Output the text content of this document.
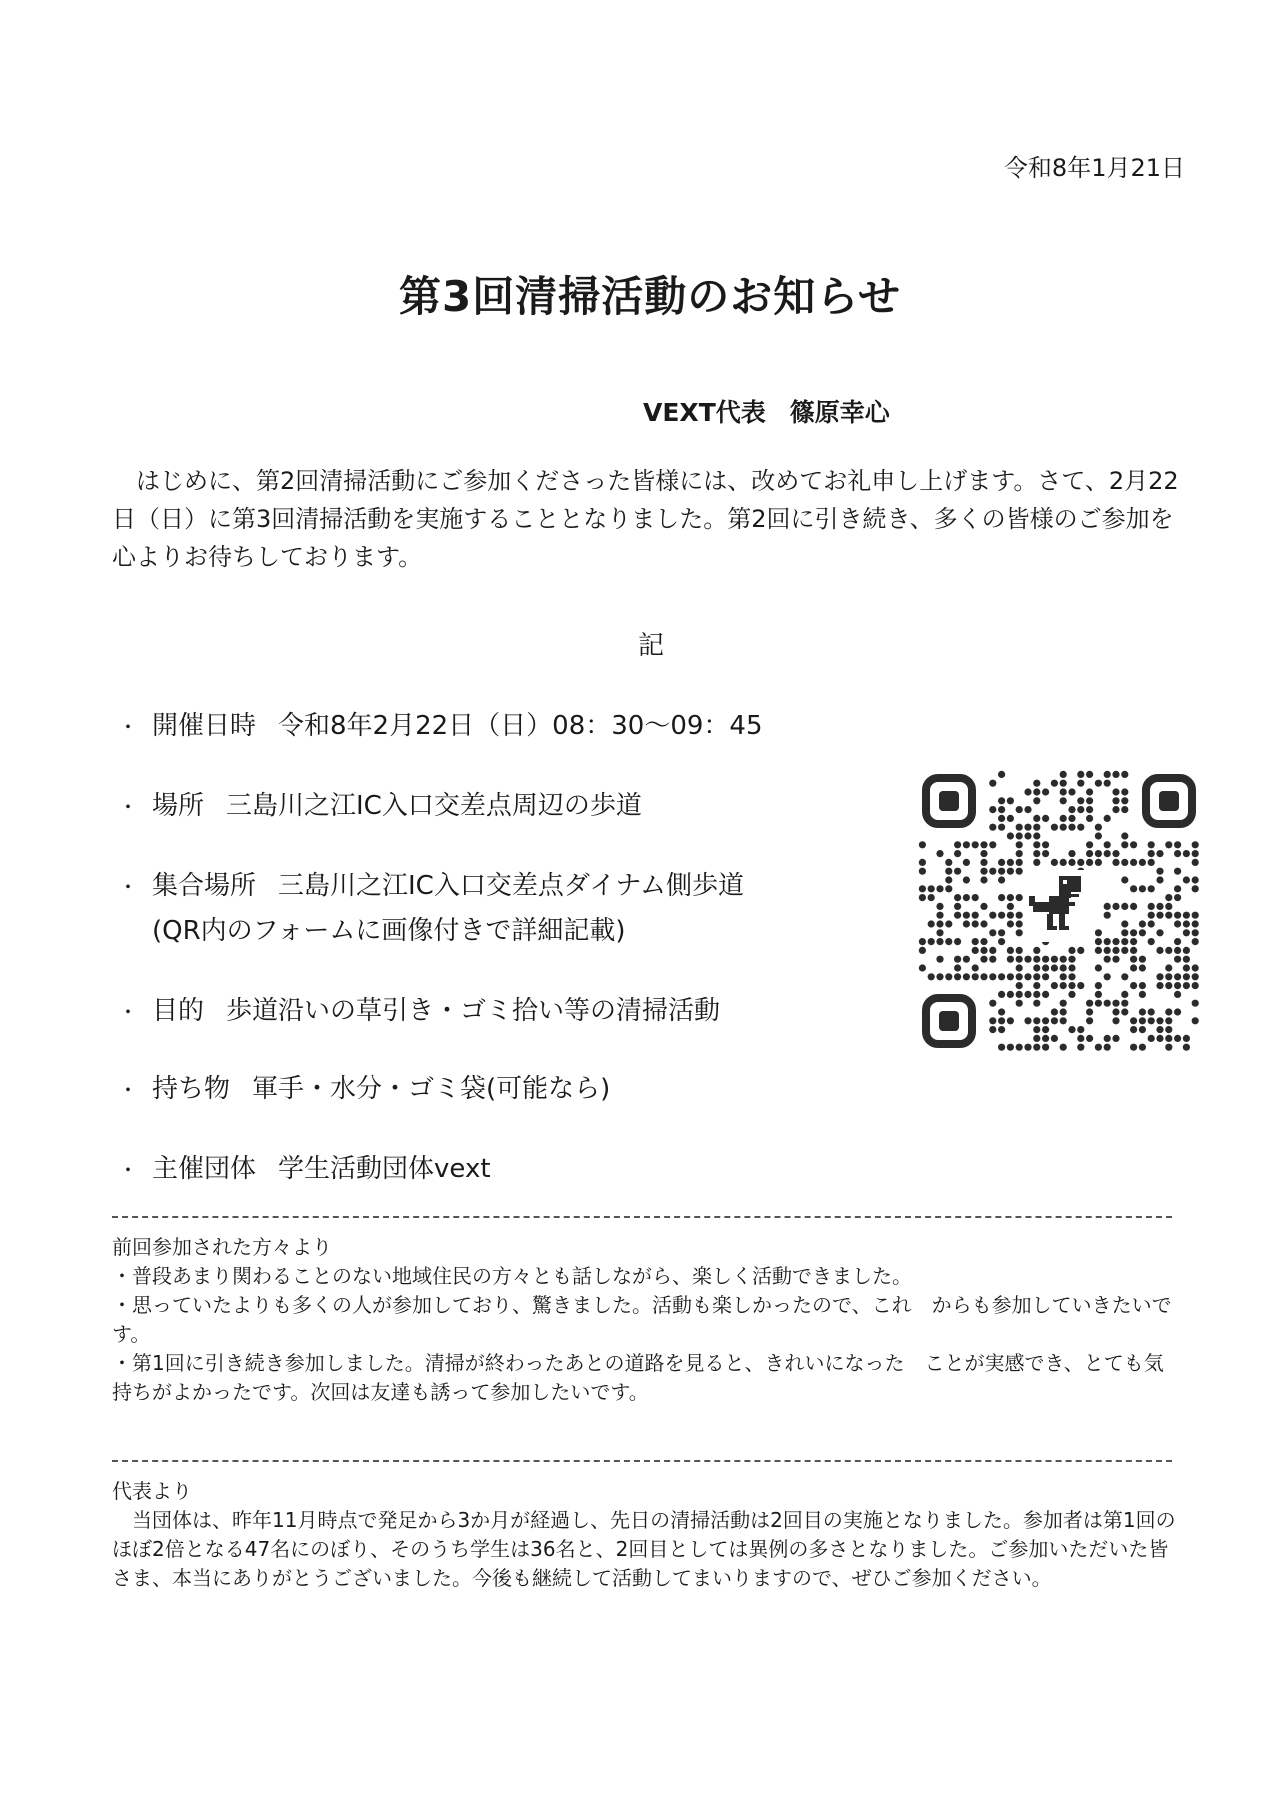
令和8年1月21日
第3回清掃活動のお知らせ
VEXT代表 篠原幸心

はじめに、第2回清掃活動にご参加くださった皆様には、改めてお礼申し上げます。さて、2月22日（日）に第3回清掃活動を実施することとなりました。第2回に引き続き、多くの皆様のご参加を心よりお待ちしております。

記
・ 開催日時 令和8年2月22日（日）08：30〜09：45
・ 場所 三島川之江IC入口交差点周辺の歩道
・ 集合場所 三島川之江IC入口交差点ダイナム側歩道
(QR内のフォームに画像付きで詳細記載)
・ 目的 歩道沿いの草引き・ゴミ拾い等の清掃活動
・ 持ち物 軍手・水分・ゴミ袋(可能なら)
・ 主催団体 学生活動団体vext

前回参加された方々より

・普段あまり関わることのない地域住民の方々とも話しながら、楽しく活動できました。

・思っていたよりも多くの人が参加しており、驚きました。活動も楽しかったので、これ　からも参加していきたいです。

・第1回に引き続き参加しました。清掃が終わったあとの道路を見ると、きれいになった　ことが実感でき、とても気持ちがよかったです。次回は友達も誘って参加したいです。

代表より

当団体は、昨年11月時点で発足から3か月が経過し、先日の清掃活動は2回目の実施となりました。参加者は第1回のほぼ2倍となる47名にのぼり、そのうち学生は36名と、2回目としては異例の多さとなりました。ご参加いただいた皆さま、本当にありがとうございました。今後も継続して活動してまいりますので、ぜひご参加ください。
